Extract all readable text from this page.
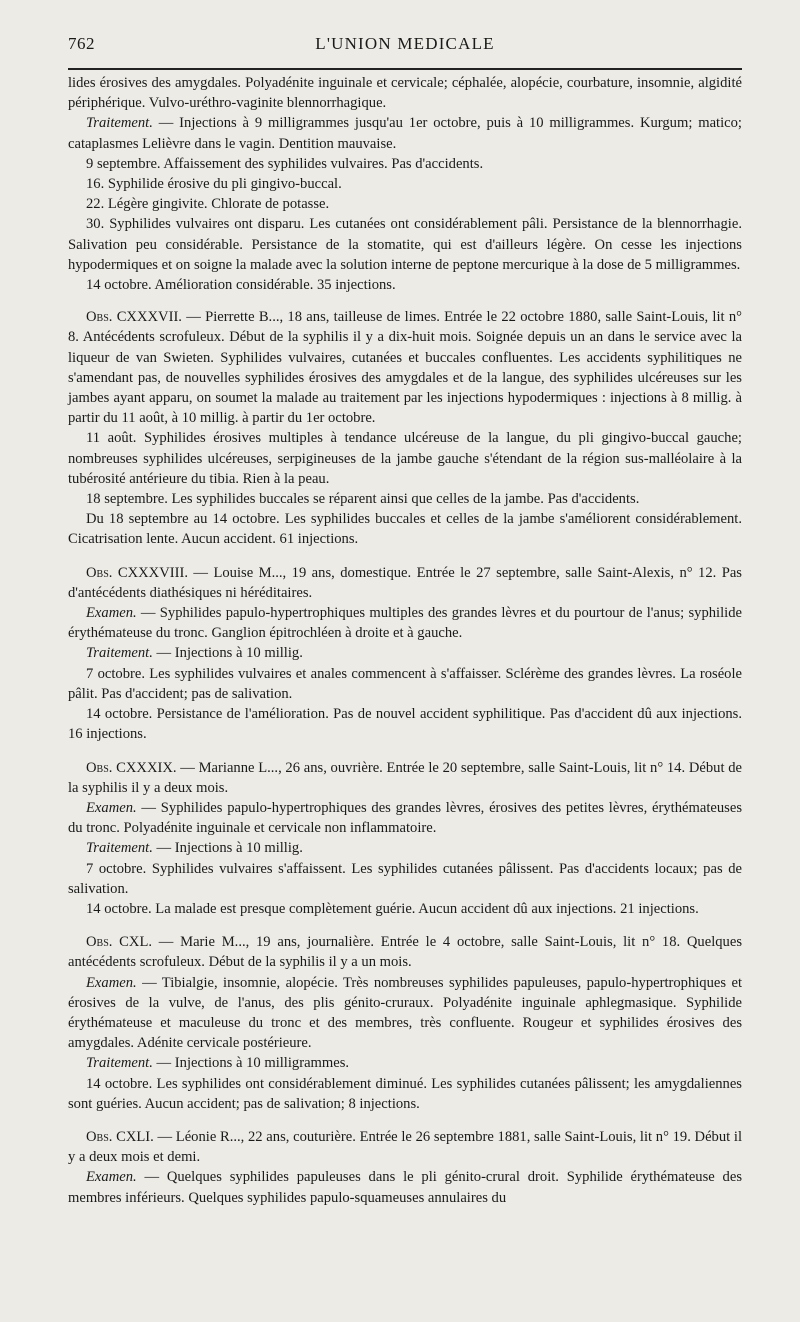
762	L'UNION MEDICALE

lides érosives des amygdales. Polyadénite inguinale et cervicale; céphalée, alopécie, courbature, insomnie, algidité périphérique. Vulvo-uréthro-vaginite blennorrhagique.

Traitement. — Injections à 9 milligrammes jusqu'au 1er octobre, puis à 10 milligrammes. Kurgum; matico; cataplasmes Lelièvre dans le vagin. Dentition mauvaise.

9 septembre. Affaissement des syphilides vulvaires. Pas d'accidents.

16. Syphilide érosive du pli gingivo-buccal.

22. Légère gingivite. Chlorate de potasse.

30. Syphilides vulvaires ont disparu. Les cutanées ont considérablement pâli. Persistance de la blennorrhagie. Salivation peu considérable. Persistance de la stomatite, qui est d'ailleurs légère. On cesse les injections hypodermiques et on soigne la malade avec la solution interne de peptone mercurique à la dose de 5 milligrammes.

14 octobre. Amélioration considérable. 35 injections.

Obs. CXXXVII. — Pierrette B..., 18 ans, tailleuse de limes. Entrée le 22 octobre 1880, salle Saint-Louis, lit n° 8. Antécédents scrofuleux. Début de la syphilis il y a dix-huit mois. Soignée depuis un an dans le service avec la liqueur de van Swieten. Syphilides vulvaires, cutanées et buccales confluentes. Les accidents syphilitiques ne s'amendant pas, de nouvelles syphilides érosives des amygdales et de la langue, des syphilides ulcéreuses sur les jambes ayant apparu, on soumet la malade au traitement par les injections hypodermiques : injections à 8 millig. à partir du 11 août, à 10 millig. à partir du 1er octobre.

11 août. Syphilides érosives multiples à tendance ulcéreuse de la langue, du pli gingivo-buccal gauche; nombreuses syphilides ulcéreuses, serpigineuses de la jambe gauche s'étendant de la région sus-malléolaire à la tubérosité antérieure du tibia. Rien à la peau.

18 septembre. Les syphilides buccales se réparent ainsi que celles de la jambe. Pas d'accidents.

Du 18 septembre au 14 octobre. Les syphilides buccales et celles de la jambe s'améliorent considérablement. Cicatrisation lente. Aucun accident. 61 injections.

Obs. CXXXVIII. — Louise M..., 19 ans, domestique. Entrée le 27 septembre, salle Saint-Alexis, n° 12. Pas d'antécédents diathésiques ni héréditaires.

Examen. — Syphilides papulo-hypertrophiques multiples des grandes lèvres et du pourtour de l'anus; syphilide érythémateuse du tronc. Ganglion épitrochléen à droite et à gauche.

Traitement. — Injections à 10 millig.

7 octobre. Les syphilides vulvaires et anales commencent à s'affaisser. Sclérème des grandes lèvres. La roséole pâlit. Pas d'accident; pas de salivation.

14 octobre. Persistance de l'amélioration. Pas de nouvel accident syphilitique. Pas d'accident dû aux injections. 16 injections.

Obs. CXXXIX. — Marianne L..., 26 ans, ouvrière. Entrée le 20 septembre, salle Saint-Louis, lit n° 14. Début de la syphilis il y a deux mois.

Examen. — Syphilides papulo-hypertrophiques des grandes lèvres, érosives des petites lèvres, érythémateuses du tronc. Polyadénite inguinale et cervicale non inflammatoire.

Traitement. — Injections à 10 millig.

7 octobre. Syphilides vulvaires s'affaissent. Les syphilides cutanées pâlissent. Pas d'accidents locaux; pas de salivation.

14 octobre. La malade est presque complètement guérie. Aucun accident dû aux injections. 21 injections.

Obs. CXL. — Marie M..., 19 ans, journalière. Entrée le 4 octobre, salle Saint-Louis, lit n° 18. Quelques antécédents scrofuleux. Début de la syphilis il y a un mois.

Examen. — Tibialgie, insomnie, alopécie. Très nombreuses syphilides papuleuses, papulo-hypertrophiques et érosives de la vulve, de l'anus, des plis génito-cruraux. Polyadénite inguinale aphlegmasique. Syphilide érythémateuse et maculeuse du tronc et des membres, très confluente. Rougeur et syphilides érosives des amygdales. Adénite cervicale postérieure.

Traitement. — Injections à 10 milligrammes.

14 octobre. Les syphilides ont considérablement diminué. Les syphilides cutanées pâlissent; les amygdaliennes sont guéries. Aucun accident; pas de salivation; 8 injections.

Obs. CXLI. — Léonie R..., 22 ans, couturière. Entrée le 26 septembre 1881, salle Saint-Louis, lit n° 19. Début il y a deux mois et demi.

Examen. — Quelques syphilides papuleuses dans le pli génito-crural droit. Syphilide érythémateuse des membres inférieurs. Quelques syphilides papulo-squameuses annulaires du
